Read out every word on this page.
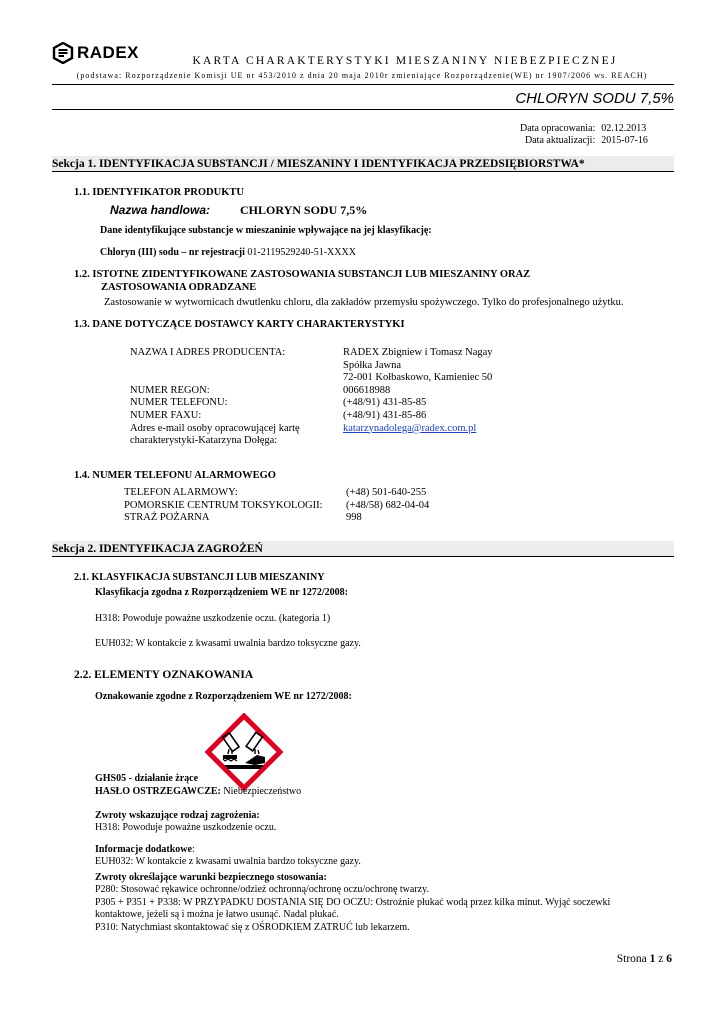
RADEX	KARTA CHARAKTERYSTYKI MIESZANINY NIEBEZPIECZNEJ
(podstawa: Rozporządzenie Komisji UE nr 453/2010 z dnia 20 maja 2010r zmieniające Rozporządzenie(WE) nr 1907/2006 ws. REACH)
CHLORYN SODU 7,5%
Data opracowania:	02.12.2013
Data aktualizacji:	2015-07-16
Sekcja 1. IDENTYFIKACJA SUBSTANCJI / MIESZANINY I IDENTYFIKACJA PRZEDSIĘBIORSTWA*
1.1. IDENTYFIKATOR PRODUKTU
Nazwa handlowa: CHLORYN SODU 7,5%
Dane identyfikujące substancje w mieszaninie wpływające na jej klasyfikację:
Chloryn (III) sodu – nr rejestracji 01-2119529240-51-XXXX
1.2. ISTOTNE ZIDENTYFIKOWANE ZASTOSOWANIA SUBSTANCJI LUB MIESZANINY ORAZ
ZASTOSOWANIA ODRADZANE
Zastosowanie w wytwornicach dwutlenku chloru, dla zakładów przemysłu spożywczego. Tylko do profesjonalnego użytku.
1.3. DANE DOTYCZĄCE DOSTAWCY KARTY CHARAKTERYSTYKI
NAZWA I ADRES PRODUCENTA:	RADEX Zbigniew i Tomasz Nagay
	Spółka Jawna
	72-001 Kołbaskowo, Kamieniec 50
NUMER REGON:	006618988
NUMER TELEFONU:	(+48/91) 431-85-85
NUMER FAXU:	(+48/91) 431-85-86
Adres e-mail osoby opracowującej kartę	katarzynadolega@radex.com.pl
charakterystyki-Katarzyna Dołęga:	
1.4. NUMER TELEFONU ALARMOWEGO
TELEFON ALARMOWY:	(+48) 501-640-255
POMORSKIE CENTRUM TOKSYKOLOGII:	(+48/58) 682-04-04
STRAŻ POŻARNA	998
Sekcja 2. IDENTYFIKACJA ZAGROŻEŃ
2.1. KLASYFIKACJA SUBSTANCJI LUB MIESZANINY
Klasyfikacja zgodna z Rozporządzeniem WE nr 1272/2008:
H318: Powoduje poważne uszkodzenie oczu. (kategoria 1)
EUH032: W kontakcie z kwasami uwalnia bardzo toksyczne gazy.
2.2. ELEMENTY OZNAKOWANIA
Oznakowanie zgodne z Rozporządzeniem WE nr 1272/2008:
GHS05 - działanie żrące
HASŁO OSTRZEGAWCZE: Niebezpieczeństwo
Zwroty wskazujące rodzaj zagrożenia:
H318: Powoduje poważne uszkodzenie oczu.
Informacje dodatkowe:
EUH032: W kontakcie z kwasami uwalnia bardzo toksyczne gazy.
Zwroty określające warunki bezpiecznego stosowania:
P280: Stosować rękawice ochronne/odzież ochronną/ochronę oczu/ochronę twarzy.
P305 + P351 + P338: W PRZYPADKU DOSTANIA SIĘ DO OCZU: Ostrożnie płukać wodą przez kilka minut. Wyjąć soczewki
kontaktowe, jeżeli są i można je łatwo usunąć. Nadal płukać.
P310: Natychmiast skontaktować się z OŚRODKIEM ZATRUĆ lub lekarzem.
Strona 1 z 6
